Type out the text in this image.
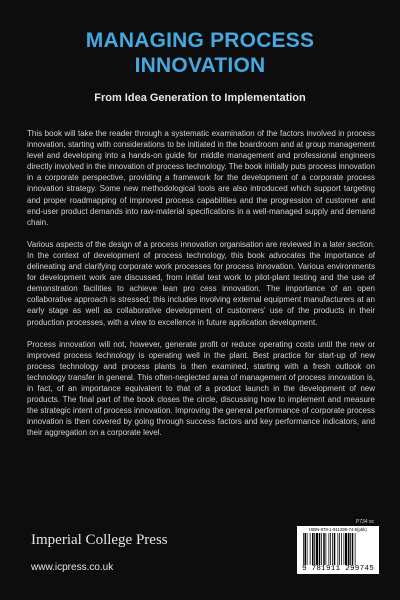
MANAGING PROCESS
INNOVATION
From Idea Generation to Implementation

This book will take the reader through a systematic examination of the factors involved in process innovation, starting with considerations to be initiated in the boardroom and at group management level and developing into a hands-on guide for middle management and professional engineers directly involved in the innovation of process technology. The book initially puts process innovation in a corporate perspective, providing a framework for the development of a corporate process innovation strategy. Some new methodological tools are also introduced which support targeting and proper roadmapping of improved process capabilities and the progression of customer and end-user product demands into raw-material specifications in a well-managed supply and demand chain.

Various aspects of the design of a process innovation organisation are reviewed in a later section. In the context of development of process technology, this book advocates the importance of delineating and clarifying corporate work processes for process innovation. Various environments for development work are discussed, from initial test work to pilot-plant testing and the use of demonstration facilities to achieve lean pro cess innovation. The importance of an open collaborative approach is stressed; this includes involving external equipment manufacturers at an early stage as well as collaborative development of customers' use of the products in their production processes, with a view to excellence in future application development.

Process innovation will not, however, generate profit or reduce operating costs until the new or improved process technology is operating well in the plant. Best practice for start-up of new process technology and process plants is then examined, starting with a fresh outlook on technology transfer in general. This often-neglected area of management of process innovation is, in fact, of an importance equivalent to that of a product launch in the development of new products. The final part of the book closes the circle, discussing how to implement and measure the strategic intent of process innovation. Improving the general performance of corporate process innovation is then covered by going through success factors and key performance indicators, and their aggregation on a corporate level.

P734 sc
Imperial College Press
www.icpress.co.uk
ISBN-978-1-911299-74-5(pbk)
9 781911 299745
